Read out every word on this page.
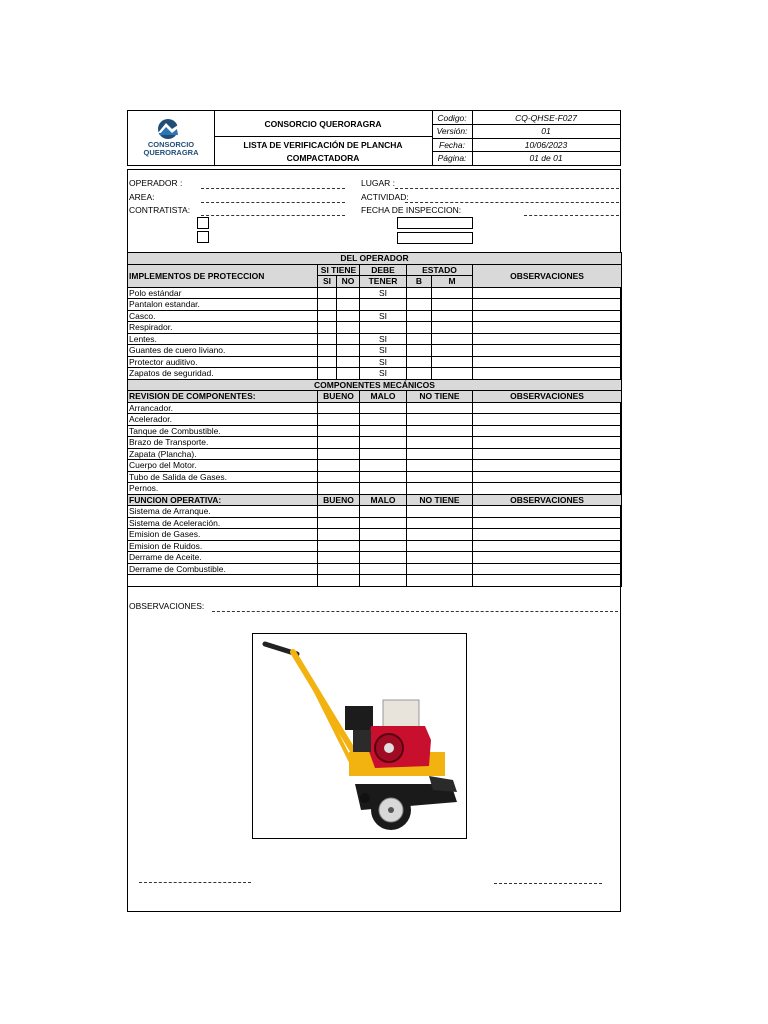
CONSORCIO
QUERORAGRA
CONSORCIO QUERORAGRA
LISTA DE VERIFICACIÓN DE PLANCHA
COMPACTADORA
Codigo:	CQ-QHSE-F027
Versión:	01
Fecha:	10/06/2023
Página:	01 de 01
OPERADOR :
AREA:
CONTRATISTA:
LUGAR :
ACTIVIDAD:
FECHA DE INSPECCION:
DEL OPERADOR						
IMPLEMENTOS DE PROTECCION	SI TIENE		DEBE	ESTADO		OBSERVACIONES
	SI	NO	TENER	B	M	
Polo estándar			SI			
Pantalon estandar.						
Casco.			SI			
Respirador.						
Lentes.			SI			
Guantes de cuero liviano.			SI			
Protector auditivo.			SI			
Zapatos de seguridad.			SI			
COMPONENTES MECÁNICOS						
REVISION DE COMPONENTES:	BUENO		MALO	NO TIENE		OBSERVACIONES
Arrancador.						
Acelerador.						
Tanque de Combustible.						
Brazo de Transporte.						
Zapata (Plancha).						
Cuerpo del Motor.						
Tubo de Salida de Gases.						
Pernos.						
FUNCION OPERATIVA:	BUENO		MALO	NO TIENE		OBSERVACIONES
Sistema de Arranque.						
Sistema de Aceleración.						
Emision de Gases.						
Emision de Ruidos.						
Derrame de Aceite.						
Derrame de Combustible.						

OBSERVACIONES:
